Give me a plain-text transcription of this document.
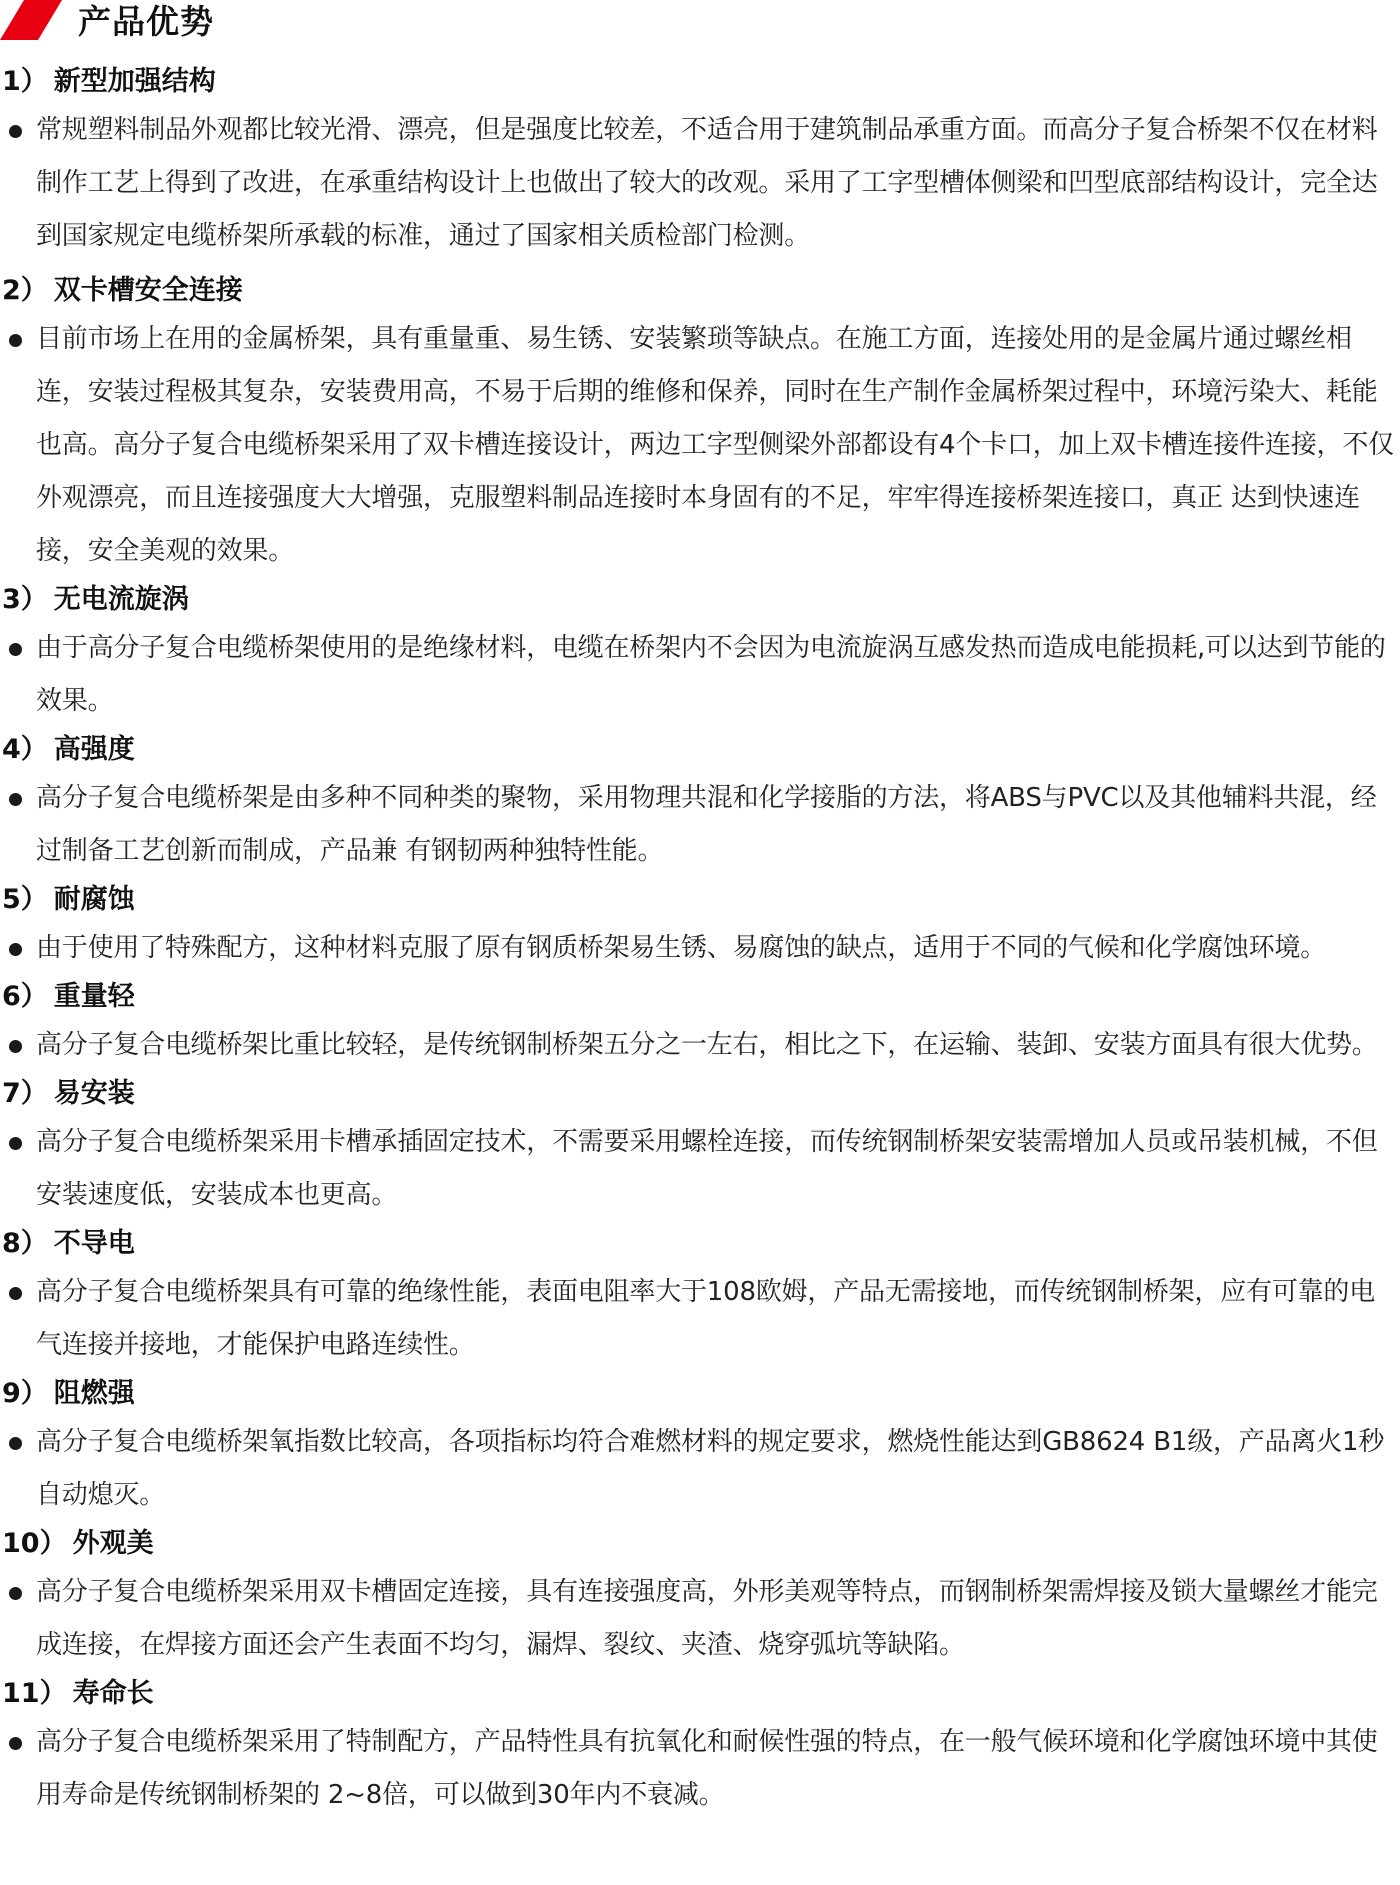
产品优势
1） 新型加强结构
常规塑料制品外观都比较光滑、漂亮，但是强度比较差，不适合用于建筑制品承重方面。而高分子复合桥架不仅在材料制作工艺上得到了改进，在承重结构设计上也做出了较大的改观。采用了工字型槽体侧梁和凹型底部结构设计，完全达到国家规定电缆桥架所承载的标准，通过了国家相关质检部门检测。
2） 双卡槽安全连接
目前市场上在用的金属桥架，具有重量重、易生锈、安装繁琐等缺点。在施工方面，连接处用的是金属片通过螺丝相连，安装过程极其复杂，安装费用高，不易于后期的维修和保养，同时在生产制作金属桥架过程中，环境污染大、耗能也高。高分子复合电缆桥架采用了双卡槽连接设计，两边工字型侧梁外部都设有4个卡口，加上双卡槽连接件连接，不仅外观漂亮，而且连接强度大大增强，克服塑料制品连接时本身固有的不足，牢牢得连接桥架连接口，真正 达到快速连接，安全美观的效果。
3） 无电流旋涡
由于高分子复合电缆桥架使用的是绝缘材料，电缆在桥架内不会因为电流旋涡互感发热而造成电能损耗,可以达到节能的效果。
4） 高强度
高分子复合电缆桥架是由多种不同种类的聚物，采用物理共混和化学接脂的方法，将ABS与PVC以及其他辅料共混，经过制备工艺创新而制成，产品兼 有钢韧两种独特性能。
5） 耐腐蚀
由于使用了特殊配方，这种材料克服了原有钢质桥架易生锈、易腐蚀的缺点，适用于不同的气候和化学腐蚀环境。
6） 重量轻
高分子复合电缆桥架比重比较轻，是传统钢制桥架五分之一左右，相比之下，在运输、装卸、安装方面具有很大优势。
7） 易安装
高分子复合电缆桥架采用卡槽承插固定技术，不需要采用螺栓连接，而传统钢制桥架安装需增加人员或吊装机械，不但安装速度低，安装成本也更高。
8） 不导电
高分子复合电缆桥架具有可靠的绝缘性能，表面电阻率大于108欧姆，产品无需接地，而传统钢制桥架，应有可靠的电气连接并接地，才能保护电路连续性。
9） 阻燃强
高分子复合电缆桥架氧指数比较高，各项指标均符合难燃材料的规定要求，燃烧性能达到GB8624 B1级，产品离火1秒自动熄灭。
10） 外观美
高分子复合电缆桥架采用双卡槽固定连接，具有连接强度高，外形美观等特点，而钢制桥架需焊接及锁大量螺丝才能完成连接，在焊接方面还会产生表面不均匀，漏焊、裂纹、夹渣、烧穿弧坑等缺陷。
11） 寿命长
高分子复合电缆桥架采用了特制配方，产品特性具有抗氧化和耐候性强的特点，在一般气候环境和化学腐蚀环境中其使用寿命是传统钢制桥架的 2~8倍，可以做到30年内不衰减。
